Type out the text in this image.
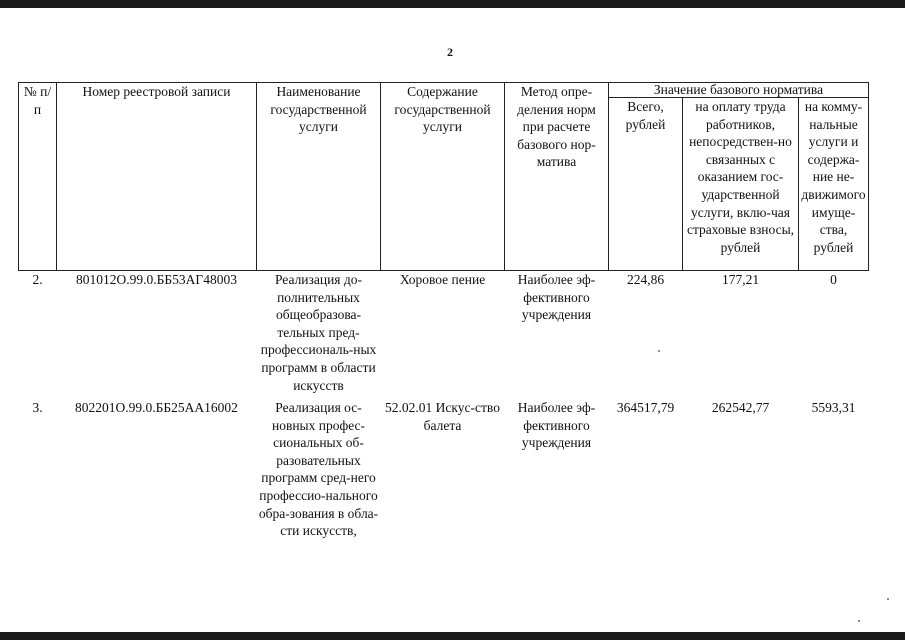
2
№ п/п	Номер реестровой записи	Наименование государственной услуги	Содержание государственной услуги	Метод опре-деления норм при расчете базового нор-матива	Значение базового норматива		
					Всего, рублей	на оплату труда работников, непосредствен-но связанных с оказанием гос-ударственной услуги, вклю-чая страховые взносы, рублей	на комму-нальные услуги и содержа-ние не-движимого имуще-ства, рублей
2.	801012О.99.0.ББ53АГ48003	Реализация до-полнительных общеобразова-тельных пред-профессиональ-ных программ в области искусств	Хоровое пение	Наиболее эф-фективного учреждения	224,86	177,21	0
3.	802201О.99.0.ББ25АА16002	Реализация ос-новных профес-сиональных об-разовательных программ сред-него профессио-нального обра-зования в обла-сти искусств,	52.02.01 Искус-ство балета	Наиболее эф-фективного учреждения	364517,79	262542,77	5593,31
